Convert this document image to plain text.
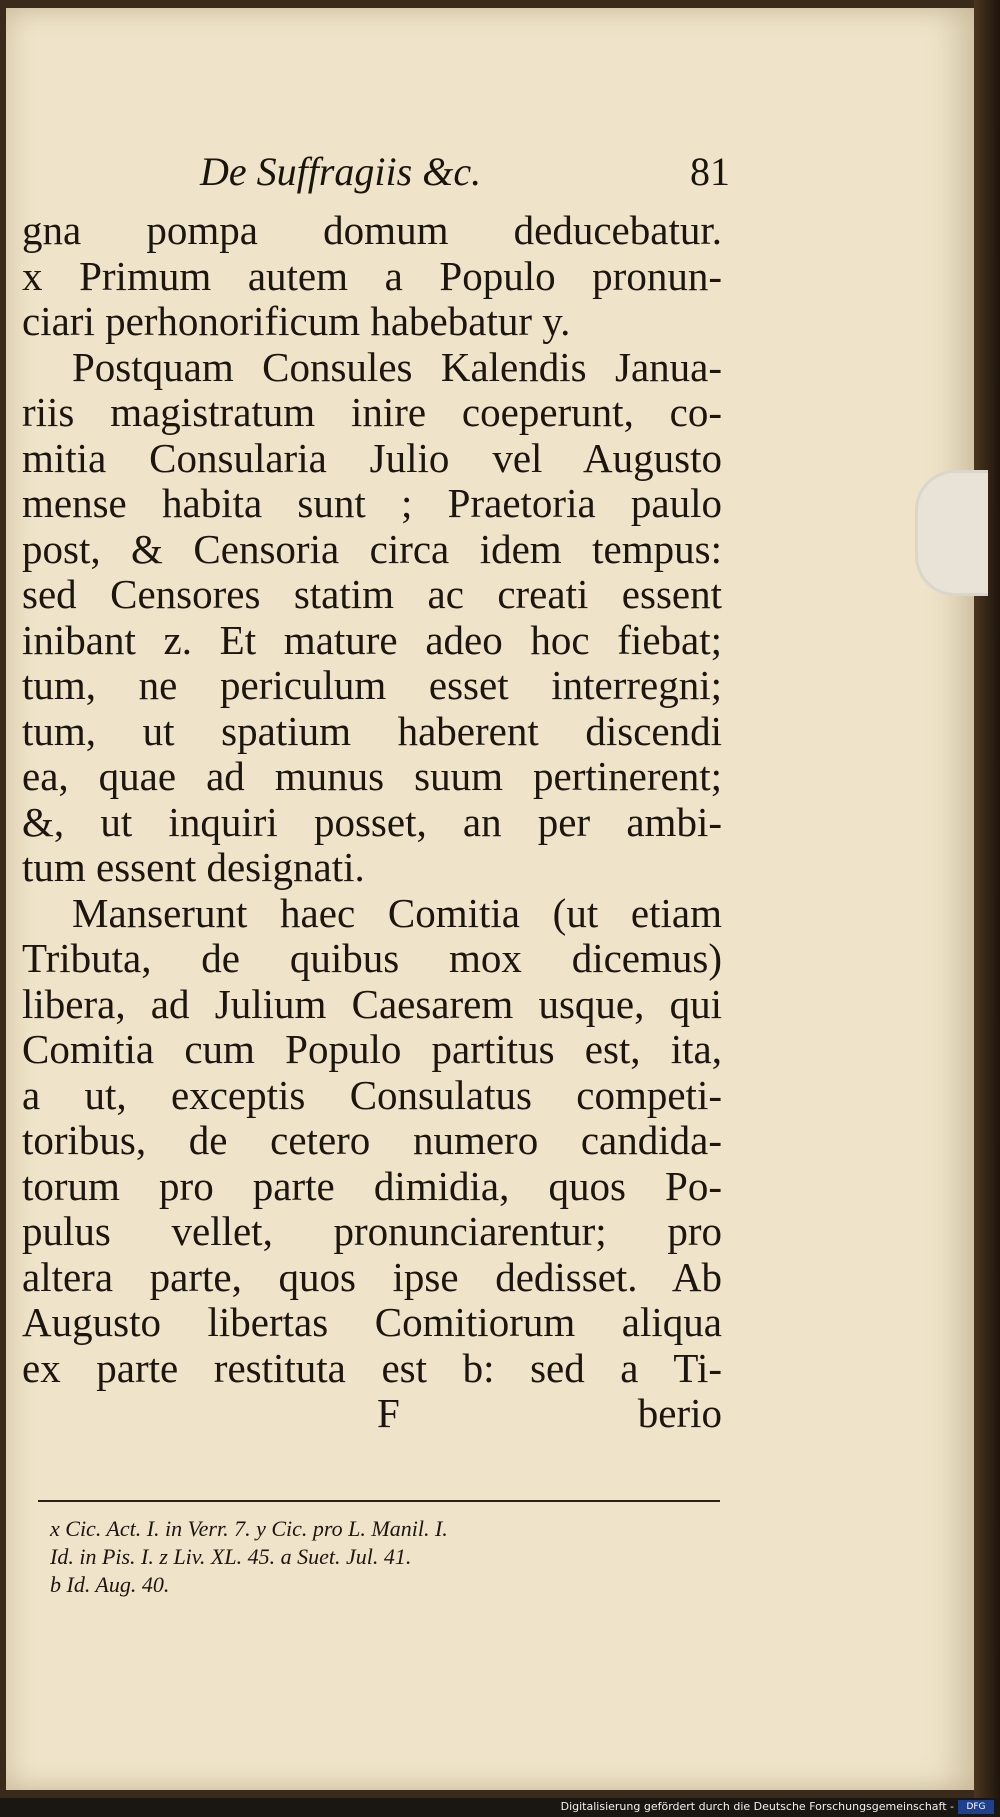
De Suffragiis &c.	81
gna pompa domum deducebatur.
x Primum autem a Populo pronun-
ciari perhonorificum habebatur y.
Postquam Consules Kalendis Janua-
riis magistratum inire coeperunt, co-
mitia Consularia Julio vel Augusto
mense habita sunt ; Praetoria paulo
post, & Censoria circa idem tempus:
sed Censores statim ac creati essent
inibant z. Et mature adeo hoc fiebat;
tum, ne periculum esset interregni;
tum, ut spatium haberent discendi
ea, quae ad munus suum pertinerent;
&, ut inquiri posset, an per ambi-
tum essent designati.
Manserunt haec Comitia (ut etiam
Tributa, de quibus mox dicemus)
libera, ad Julium Caesarem usque, qui
Comitia cum Populo partitus est, ita,
a ut, exceptis Consulatus competi-
toribus, de cetero numero candida-
torum pro parte dimidia, quos Po-
pulus vellet, pronunciarentur; pro
altera parte, quos ipse dedisset. Ab
Augusto libertas Comitiorum aliqua
ex parte restituta est b: sed a Ti-
F	berio
x Cic. Act. I. in Verr. 7. y Cic. pro L. Manil. I.
Id. in Pis. I. z Liv. XL. 45. a Suet. Jul. 41.
b Id. Aug. 40.
Digitalisierung gefördert durch die Deutsche Forschungsgemeinschaft -	DFG
